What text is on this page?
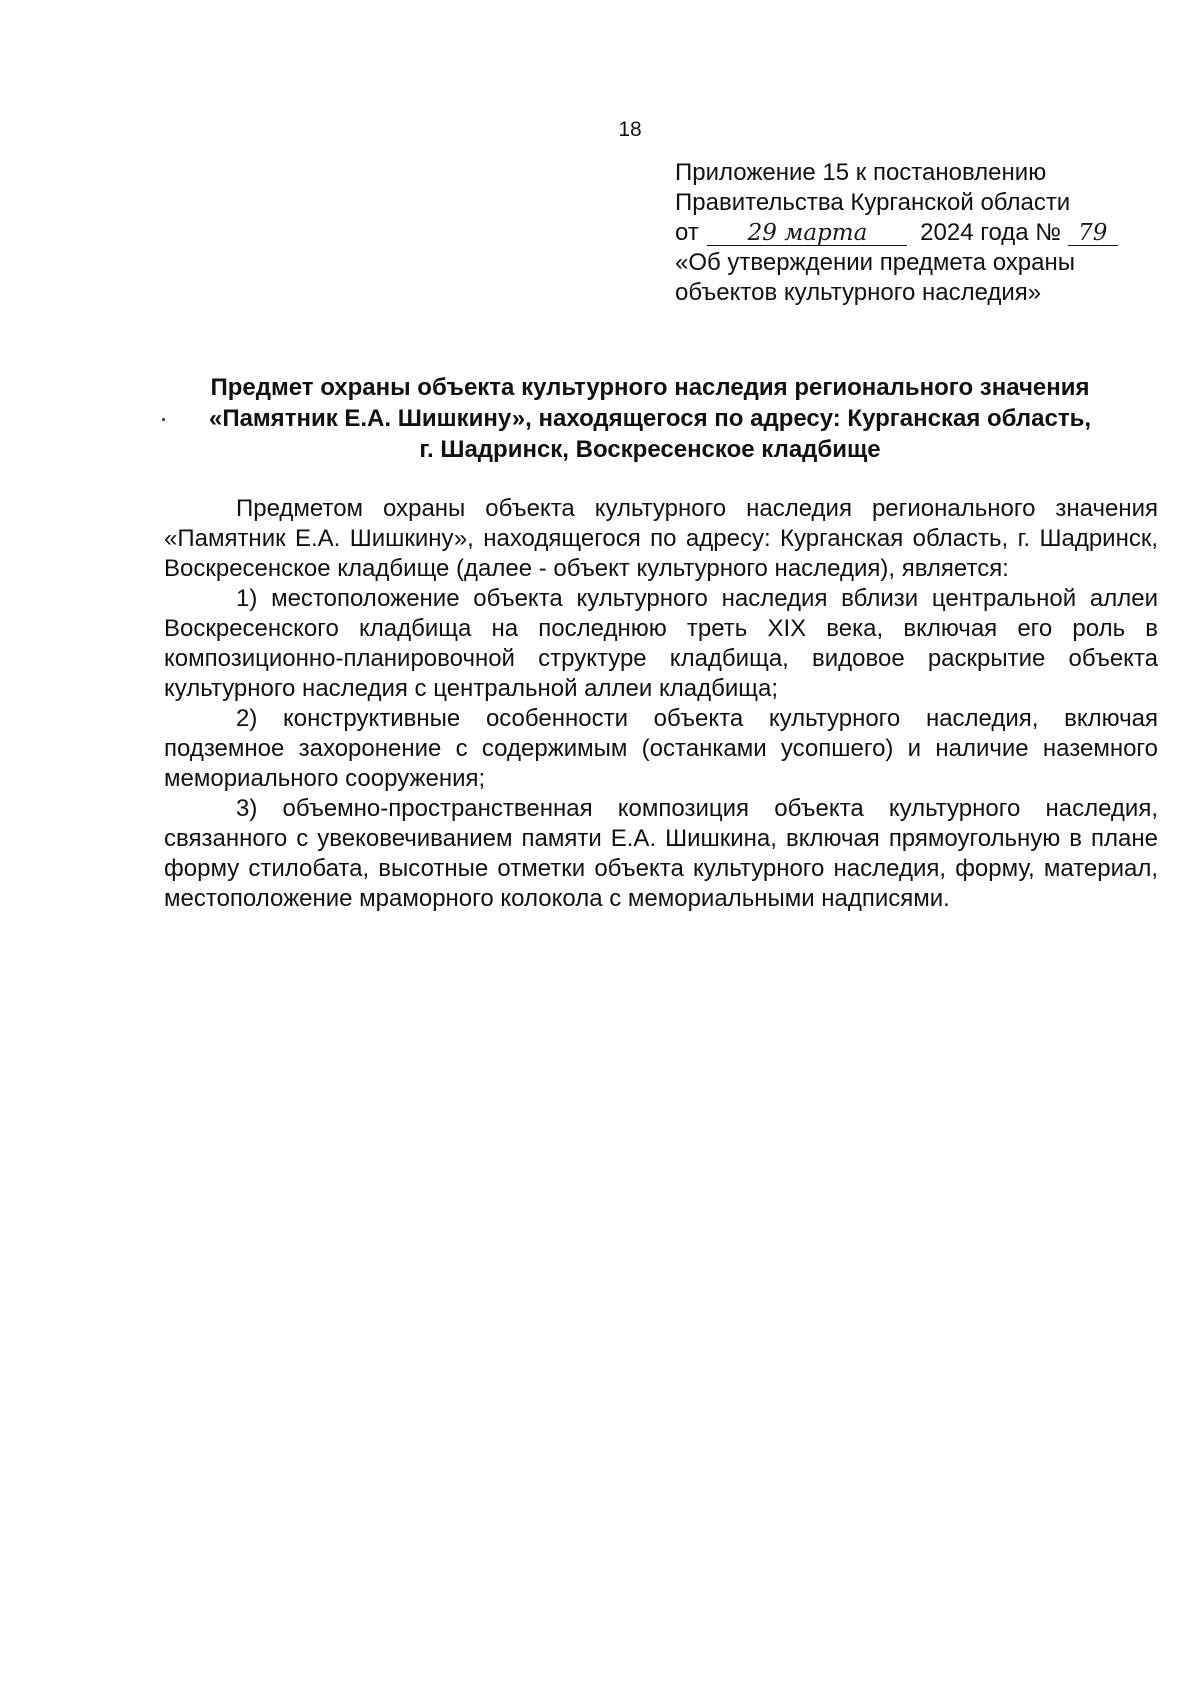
18
Приложение 15 к постановлению
Правительства Курганской области
от 29 марта 2024 года № 79
«Об утверждении предмета охраны
объектов культурного наследия»
Предмет охраны объекта культурного наследия регионального значения
«Памятник Е.А. Шишкину», находящегося по адресу: Курганская область,
г. Шадринск, Воскресенское кладбище

Предметом охраны объекта культурного наследия регионального значения «Памятник Е.А. Шишкину», находящегося по адресу: Курганская область, г. Шадринск, Воскресенское кладбище (далее - объект культурного наследия), является:

1) местоположение объекта культурного наследия вблизи центральной аллеи Воскресенского кладбища на последнюю треть XIX века, включая его роль в композиционно-планировочной структуре кладбища, видовое раскрытие объекта культурного наследия с центральной аллеи кладбища;

2) конструктивные особенности объекта культурного наследия, включая подземное захоронение с содержимым (останками усопшего) и наличие наземного мемориального сооружения;

3) объемно-пространственная композиция объекта культурного наследия, связанного с увековечиванием памяти Е.А. Шишкина, включая прямоугольную в плане форму стилобата, высотные отметки объекта культурного наследия, форму, материал, местоположение мраморного колокола с мемориальными надписями.
